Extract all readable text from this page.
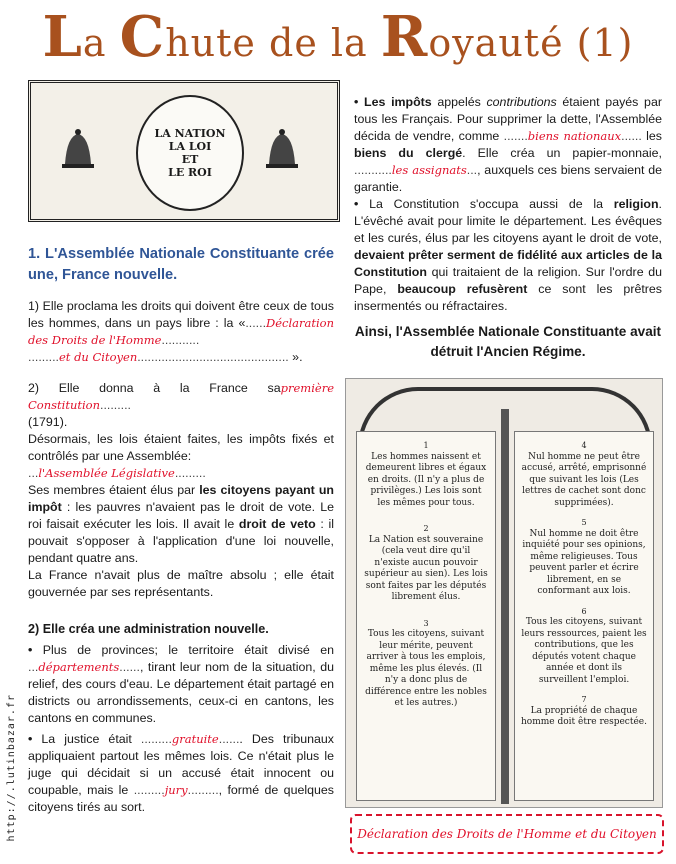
La Chute de la Royauté (1)
LA NATION
LA LOI
ET
LE ROI

1. L'Assemblée Nationale Constituante crée une, France nouvelle.

1) Elle proclama les droits qui doivent être ceux de tous les hommes, dans un pays libre : la «......Déclaration des Droits de l'Homme...........
.........et du Citoyen............................................ ».

2) Elle donna à la France sapremière Constitution.........
(1791).

Désormais, les lois étaient faites, les impôts fixés et contrôlés par une Assemblée:
...l'Assemblée Législative.........

Ses membres étaient élus par les citoyens payant un impôt : les pauvres n'avaient pas le droit de vote. Le roi faisait exécuter les lois. Il avait le droit de veto : il pouvait s'opposer à l'application d'une loi nouvelle, pendant quatre ans.

La France n'avait plus de maître absolu ; elle était gouvernée par ses représentants.

2) Elle créa une administration nouvelle.

• Plus de provinces; le territoire était divisé en ...départements......, tirant leur nom de la situation, du relief, des cours d'eau. Le département était partagé en districts ou arrondissements, ceux-ci en cantons, les cantons en communes.

• La justice était .........gratuite....... Des tribunaux appliquaient partout les mêmes lois. Ce n'était plus le juge qui décidait si un accusé était innocent ou coupable, mais le .........jury........., formé de quelques citoyens tirés au sort.

http://.lutinbazar.fr

• Les impôts appelés contributions étaient payés par tous les Français. Pour supprimer la dette, l'Assemblée décida de vendre, comme .......biens nationaux...... les biens du clergé. Elle créa un papier-monnaie, ...........les assignats..., auxquels ces biens servaient de garantie.

• La Constitution s'occupa aussi de la religion. L'évêché avait pour limite le département. Les évêques et les curés, élus par les citoyens ayant le droit de vote, devaient prêter serment de fidélité aux articles de la Constitution qui traitaient de la religion. Sur l'ordre du Pape, beaucoup refusèrent ce sont les prêtres insermentés ou réfractaires.

Ainsi, l'Assemblée Nationale Constituante avait détruit l'Ancien Régime.
1
Les hommes naissent et demeurent libres et égaux en droits. (Il n'y a plus de privilèges.) Les lois sont les mêmes pour tous.
2
La Nation est souveraine (cela veut dire qu'il n'existe aucun pouvoir supérieur au sien). Les lois sont faites par les députés librement élus.
3
Tous les citoyens, suivant leur mérite, peuvent arriver à tous les emplois, même les plus élevés. (Il n'y a donc plus de différence entre les nobles et les autres.)
4
Nul homme ne peut être accusé, arrêté, emprisonné que suivant les lois (Les lettres de cachet sont donc supprimées).
5
Nul homme ne doit être inquiété pour ses opinions, même religieuses. Tous peuvent parler et écrire librement, en se conformant aux lois.
6
Tous les citoyens, suivant leurs ressources, paient les contributions, que les députés votent chaque année et dont ils surveillent l'emploi.
7
La propriété de chaque homme doit être respectée.
Déclaration des Droits de l'Homme et du Citoyen
